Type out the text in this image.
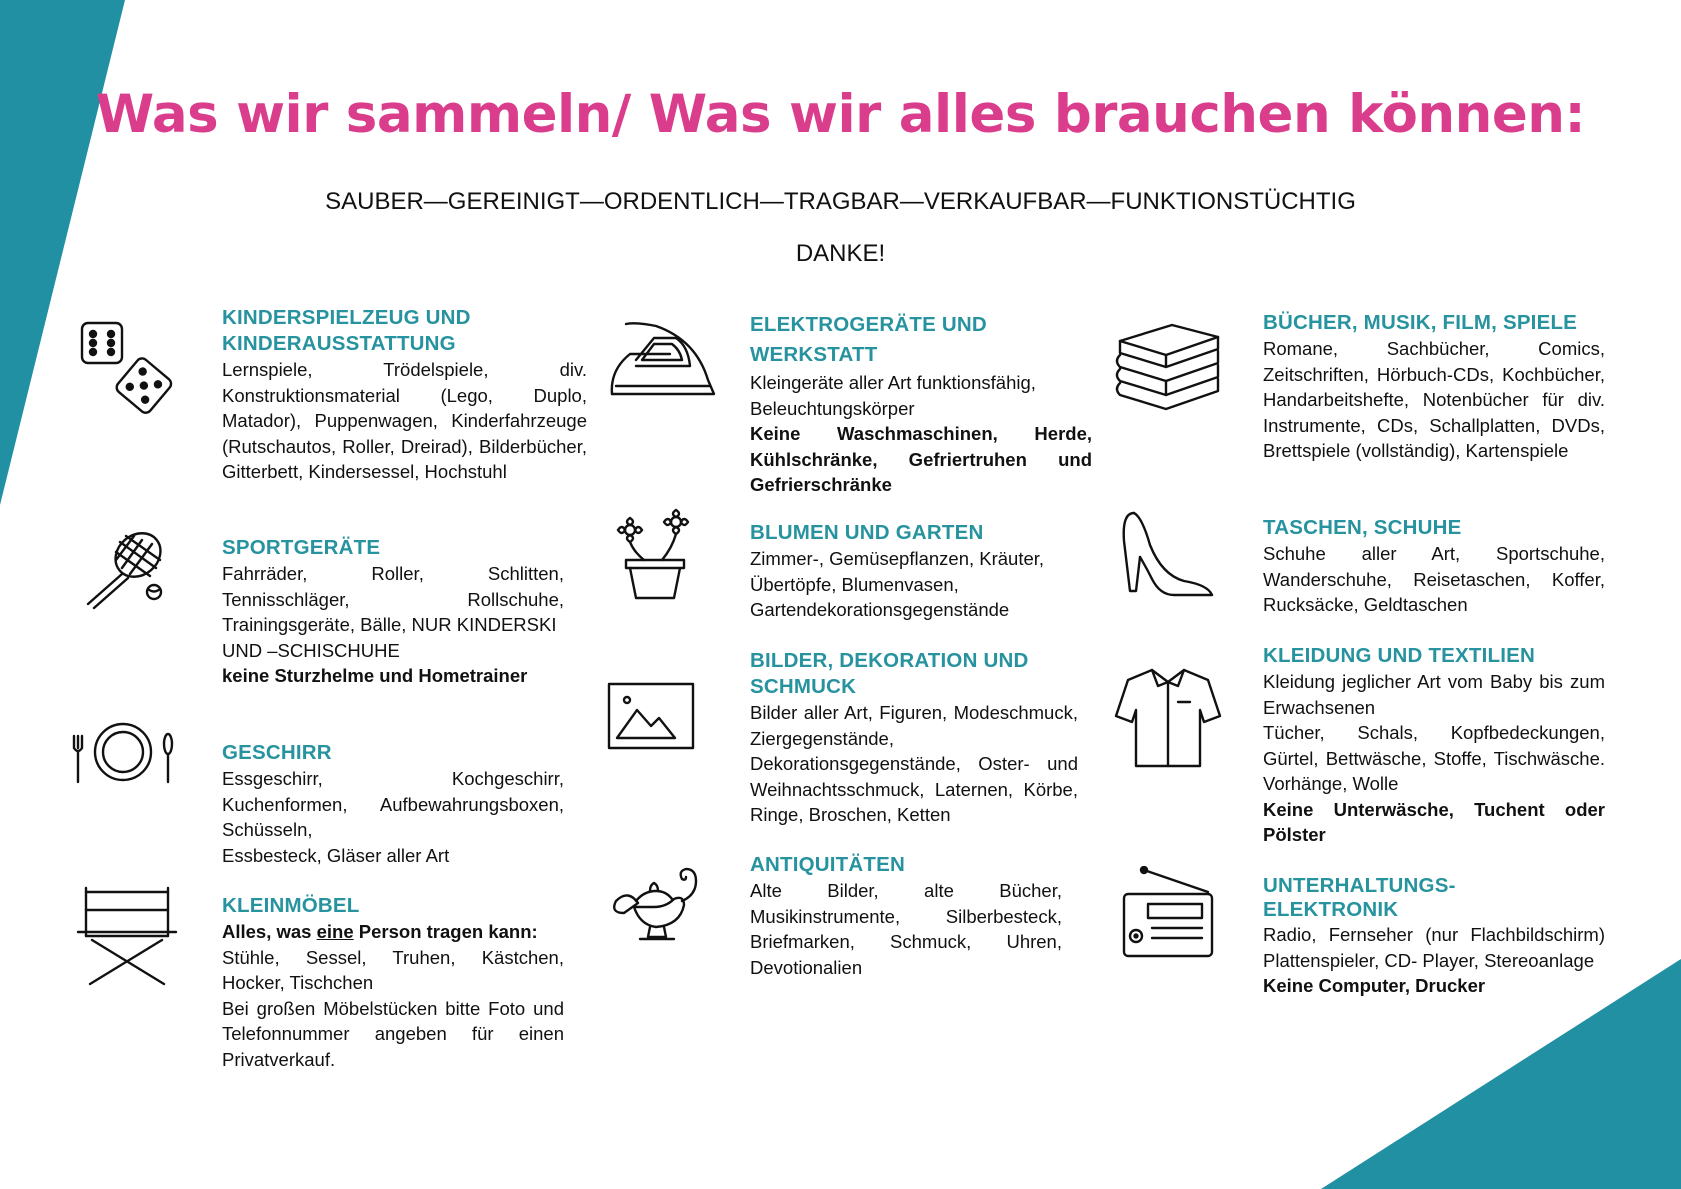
Was wir sammeln/ Was wir alles brauchen können:
SAUBER—GEREINIGT—ORDENTLICH—TRAGBAR—VERKAUFBAR—FUNKTIONSTÜCHTIG
DANKE!
KINDERSPIELZEUG UND
KINDERAUSSTATTUNG
Lernspiele, Trödelspiele, div. Konstruktionsmaterial (Lego, Duplo, Matador), Puppenwagen, Kinderfahrzeuge (Rutschautos, Roller, Dreirad), Bilderbücher, Gitterbett, Kindersessel, Hochstuhl
SPORTGERÄTE
Fahrräder, Roller, Schlitten, Tennisschläger, Rollschuhe, Trainingsgeräte, Bälle, NUR KINDERSKI
UND –SCHISCHUHE
keine Sturzhelme und Hometrainer
GESCHIRR
Essgeschirr, Kochgeschirr, Kuchenformen, Aufbewahrungsboxen, Schüsseln,
Essbesteck, Gläser aller Art
KLEINMÖBEL
Alles, was eine Person tragen kann:
Stühle, Sessel, Truhen, Kästchen, Hocker, Tischchen
Bei großen Möbelstücken bitte Foto und Telefonnummer angeben für einen Privatverkauf.
ELEKTROGERÄTE UND
WERKSTATT
Kleingeräte aller Art funktionsfähig, Beleuchtungskörper
Keine Waschmaschinen, Herde, Kühlschränke, Gefriertruhen und Gefrierschränke
BLUMEN UND GARTEN
Zimmer-, Gemüsepflanzen, Kräuter, Übertöpfe, Blumenvasen, Gartendekorationsgegenstände
BILDER, DEKORATION UND
SCHMUCK
Bilder aller Art, Figuren, Modeschmuck, Ziergegenstände, Dekorationsgegenstände, Oster- und Weihnachtsschmuck, Laternen, Körbe, Ringe, Broschen, Ketten
ANTIQUITÄTEN
Alte Bilder, alte Bücher, Musikinstrumente, Silberbesteck, Briefmarken, Schmuck, Uhren, Devotionalien
BÜCHER, MUSIK, FILM, SPIELE
Romane, Sachbücher, Comics, Zeitschriften, Hörbuch-CDs, Kochbücher, Handarbeitshefte, Notenbücher für div. Instrumente, CDs, Schallplatten, DVDs, Brettspiele (vollständig), Kartenspiele
TASCHEN, SCHUHE
Schuhe aller Art, Sportschuhe, Wanderschuhe, Reisetaschen, Koffer, Rucksäcke, Geldtaschen
KLEIDUNG UND TEXTILIEN
Kleidung jeglicher Art vom Baby bis zum Erwachsenen
Tücher, Schals, Kopfbedeckungen, Gürtel, Bettwäsche, Stoffe, Tischwäsche. Vorhänge, Wolle
Keine Unterwäsche, Tuchent oder Pölster
UNTERHALTUNGS-
ELEKTRONIK
Radio, Fernseher (nur Flachbildschirm) Plattenspieler, CD- Player, Stereoanlage
Keine Computer, Drucker
